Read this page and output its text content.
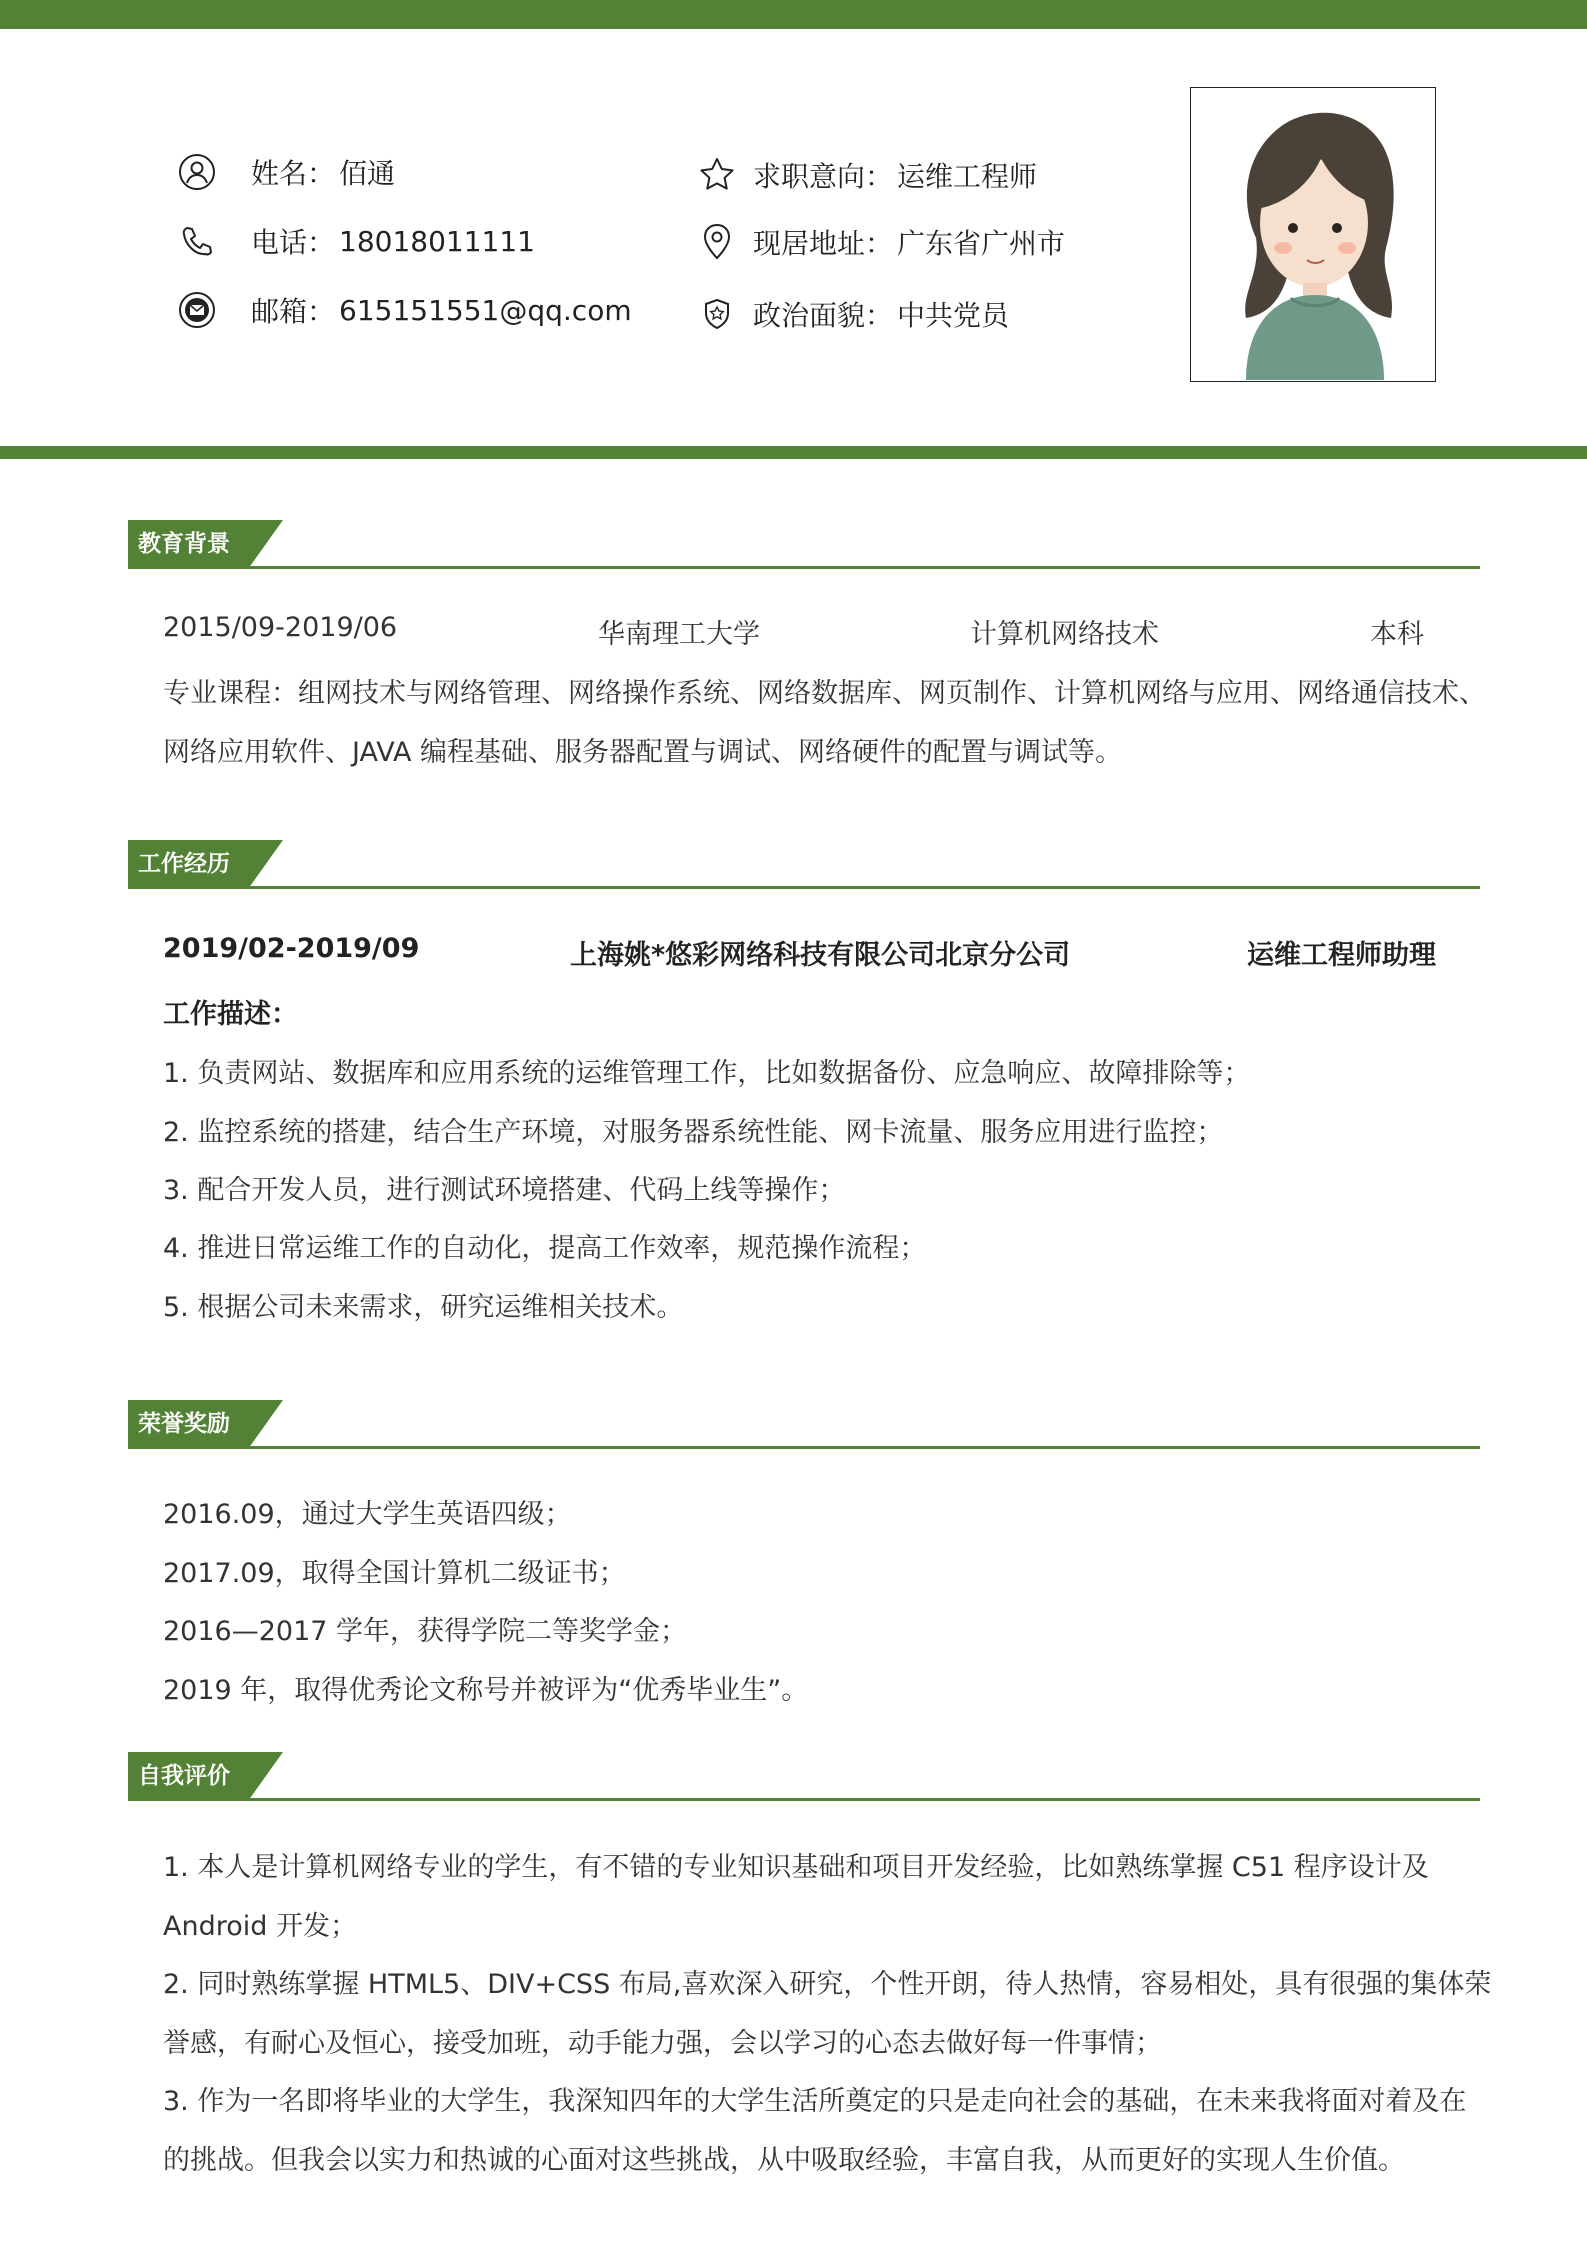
姓名： 佰通
电话： 18018011111
邮箱： 615151551@qq.com
求职意向： 运维工程师
现居地址： 广东省广州市
政治面貌： 中共党员
教育背景
2015/09-2019/06	华南理工大学	计算机网络技术	本科
专业课程：组网技术与网络管理、网络操作系统、网络数据库、网页制作、计算机网络与应用、网络通信技术、
网络应用软件、JAVA 编程基础、服务器配置与调试、网络硬件的配置与调试等。
工作经历
2019/02-2019/09	上海姚*悠彩网络科技有限公司北京分公司	运维工程师助理
工作描述：
1. 负责网站、数据库和应用系统的运维管理工作，比如数据备份、应急响应、故障排除等；
2. 监控系统的搭建，结合生产环境，对服务器系统性能、网卡流量、服务应用进行监控；
3. 配合开发人员，进行测试环境搭建、代码上线等操作；
4. 推进日常运维工作的自动化，提高工作效率，规范操作流程；
5. 根据公司未来需求，研究运维相关技术。
荣誉奖励
2016.09，通过大学生英语四级；
2017.09，取得全国计算机二级证书；
2016—2017 学年，获得学院二等奖学金；
2019 年，取得优秀论文称号并被评为“优秀毕业生”。
自我评价
1. 本人是计算机网络专业的学生，有不错的专业知识基础和项目开发经验，比如熟练掌握 C51 程序设计及
Android 开发；
2. 同时熟练掌握 HTML5、DIV+CSS 布局,喜欢深入研究，个性开朗，待人热情，容易相处，具有很强的集体荣
誉感，有耐心及恒心，接受加班，动手能力强，会以学习的心态去做好每一件事情；
3. 作为一名即将毕业的大学生，我深知四年的大学生活所奠定的只是走向社会的基础，在未来我将面对着及在
的挑战。但我会以实力和热诚的心面对这些挑战，从中吸取经验，丰富自我，从而更好的实现人生价值。
